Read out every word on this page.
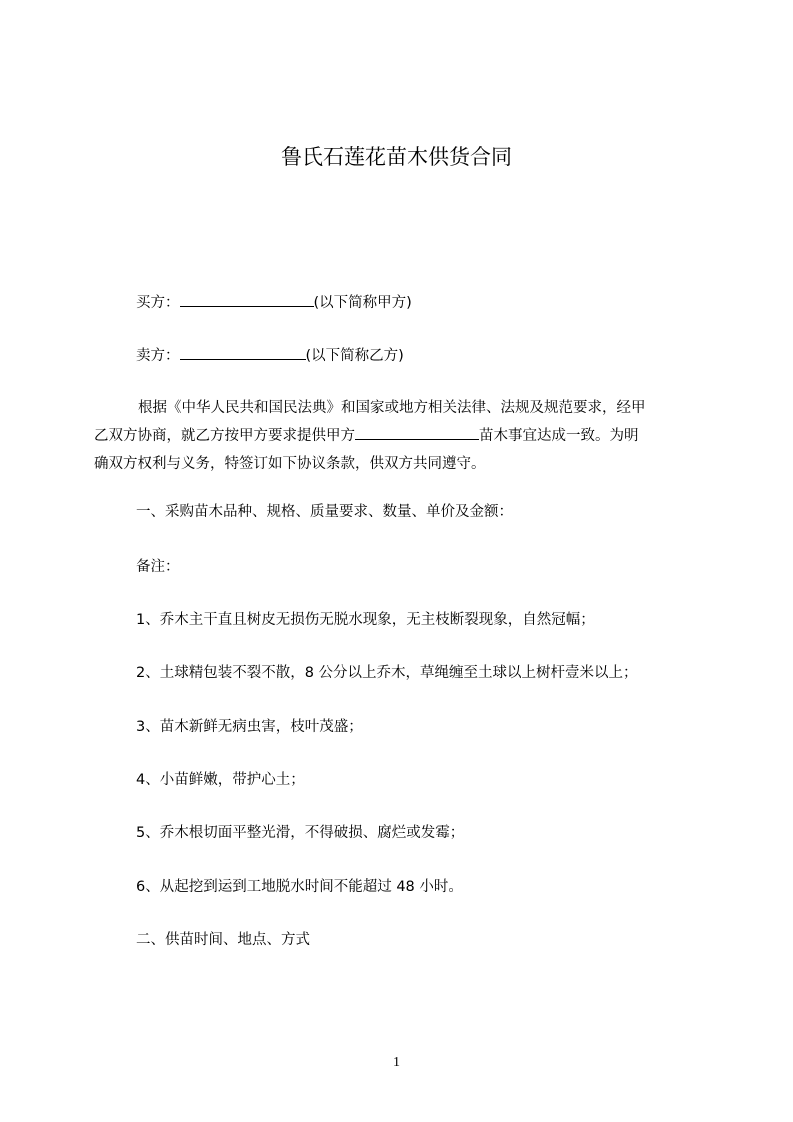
鲁氏石莲花苗木供货合同
买方：	(以下简称甲方)
卖方：	(以下简称乙方)
根据《中华人民共和国民法典》和国家或地方相关法律、法规及规范要求，经甲
乙双方协商，就乙方按甲方要求提供甲方	苗木事宜达成一致。为明
确双方权利与义务，特签订如下协议条款，供双方共同遵守。
一、采购苗木品种、规格、质量要求、数量、单价及金额：
备注：
1、乔木主干直且树皮无损伤无脱水现象，无主枝断裂现象，自然冠幅；
2、土球精包装不裂不散，8 公分以上乔木，草绳缠至土球以上树杆壹米以上；
3、苗木新鲜无病虫害，枝叶茂盛；
4、小苗鲜嫩，带护心土；
5、乔木根切面平整光滑，不得破损、腐烂或发霉；
6、从起挖到运到工地脱水时间不能超过 48 小时。
二、供苗时间、地点、方式
1
